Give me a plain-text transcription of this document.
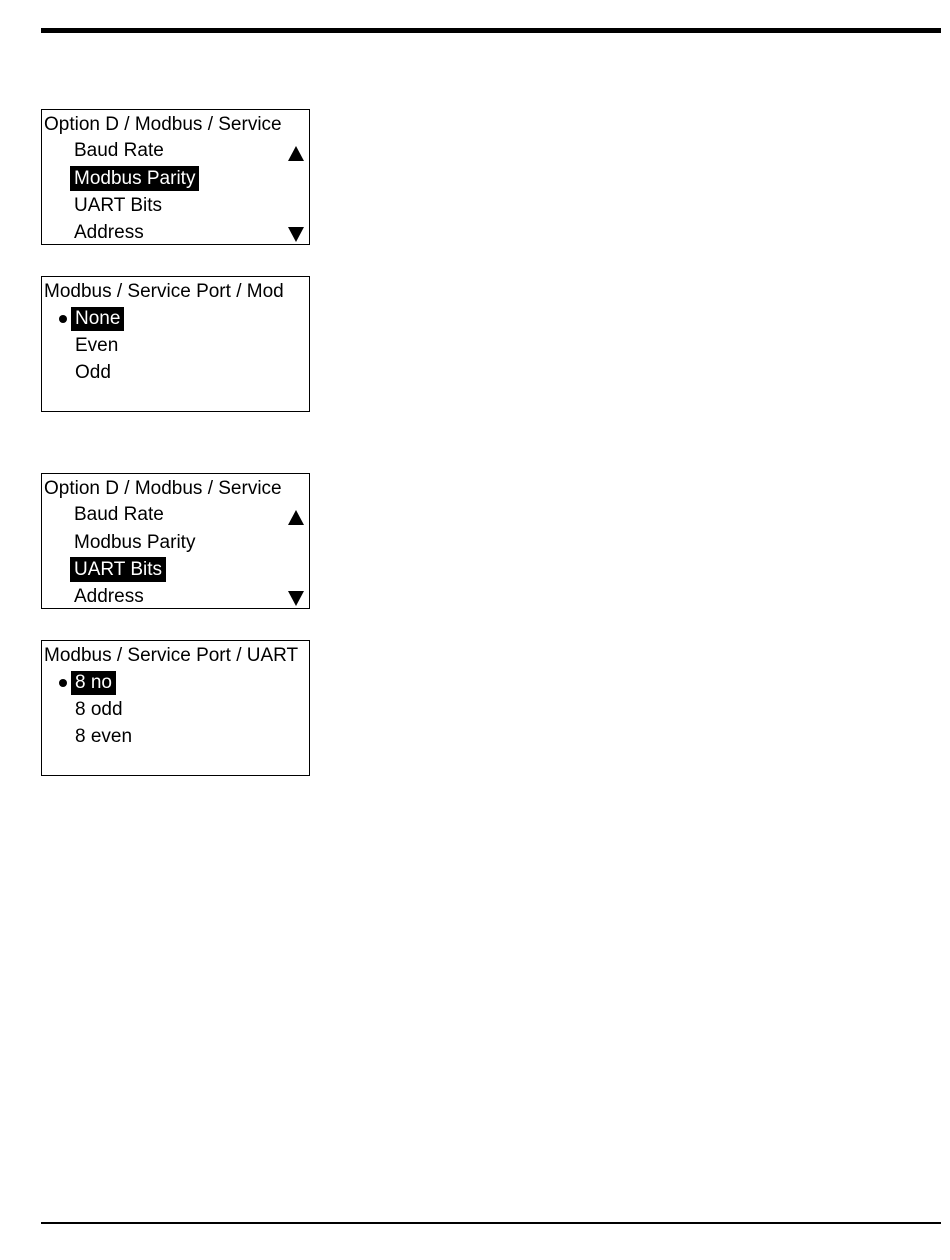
Option D / Modbus / Service
Baud Rate
Modbus Parity
UART Bits
Address
Modbus / Service Port / Mod
None
Even
Odd
Option D / Modbus / Service
Baud Rate
Modbus Parity
UART Bits
Address
Modbus / Service Port / UART
8 no
8 odd
8 even
